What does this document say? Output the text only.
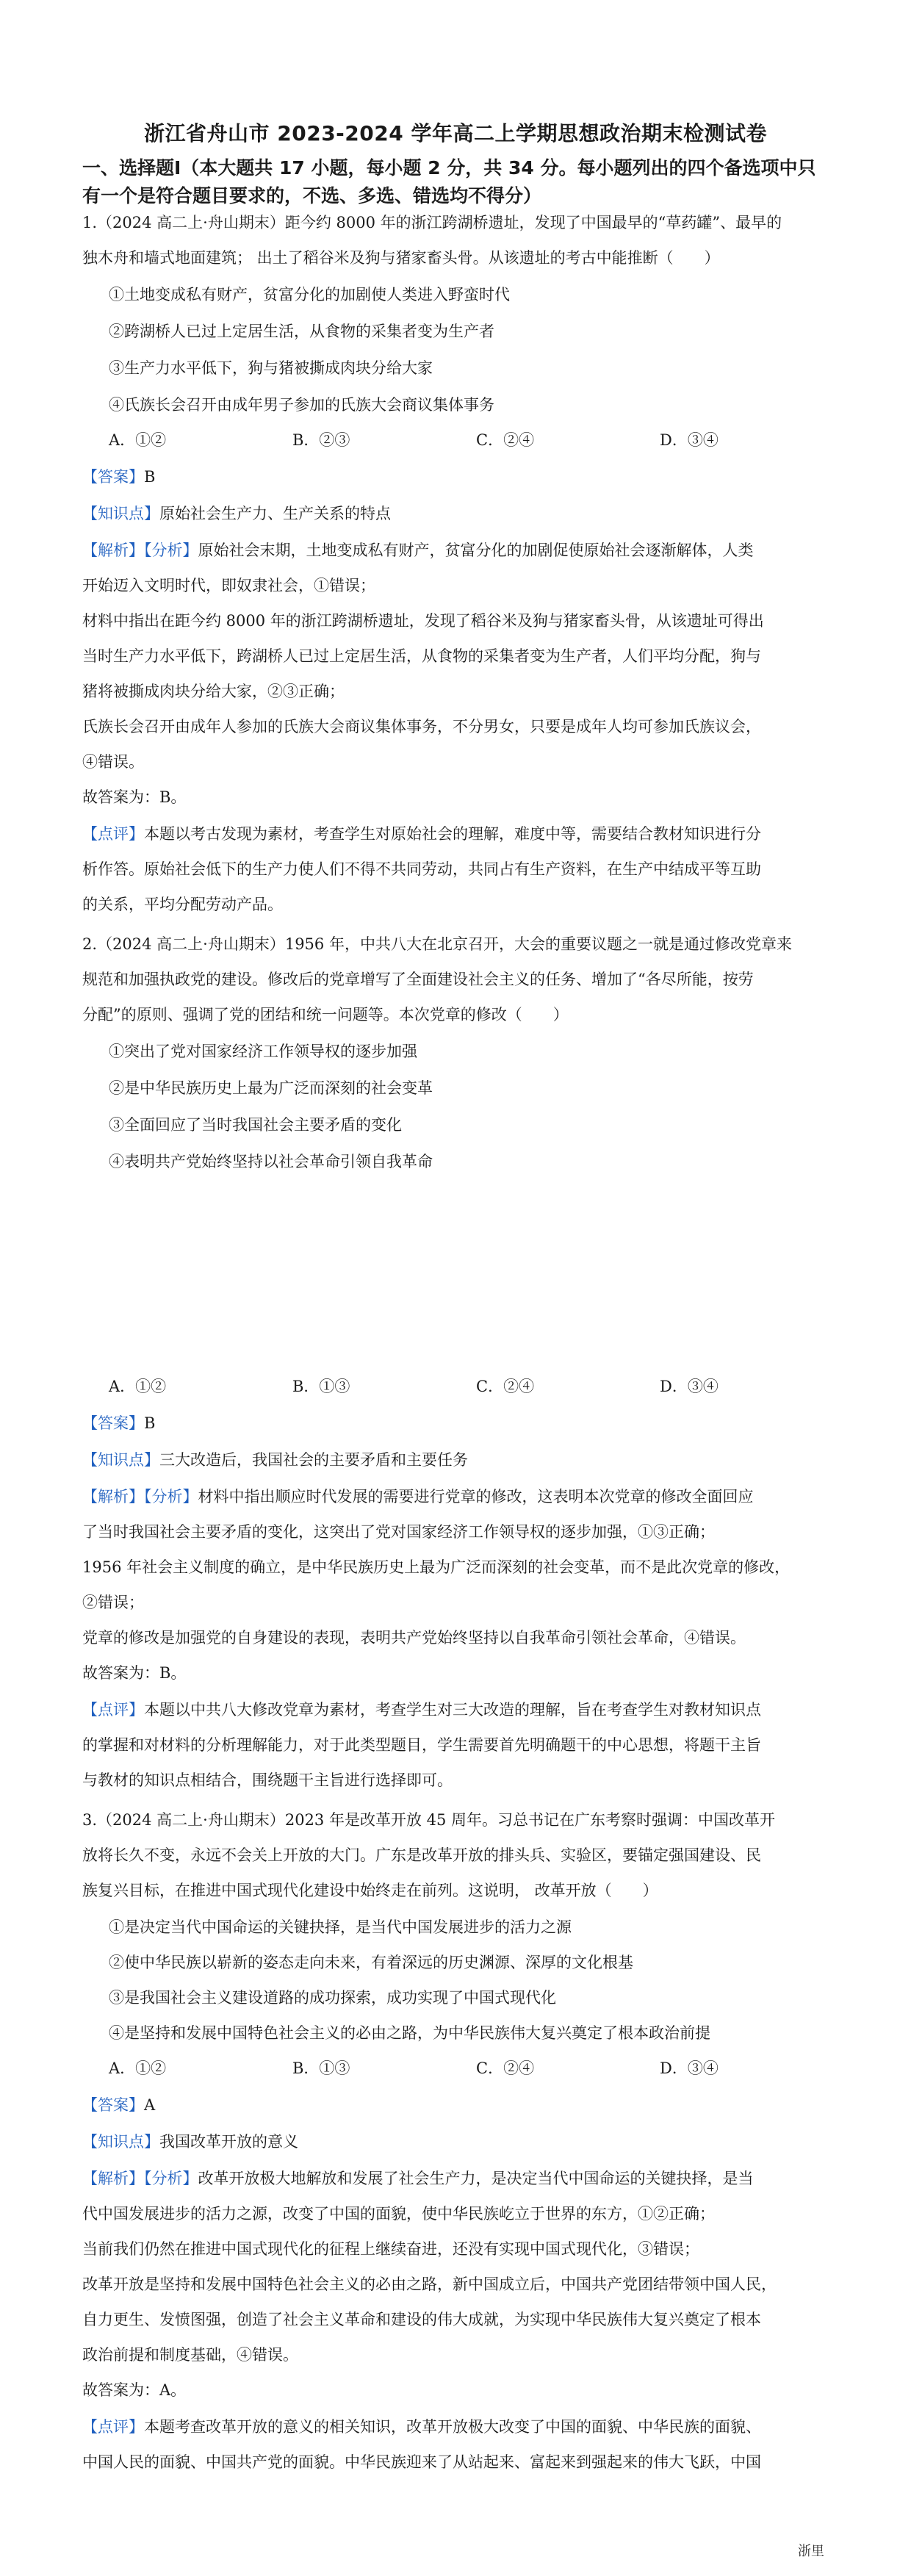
浙江省舟山市 2023-2024 学年高二上学期思想政治期末检测试卷
一、选择题Ⅰ（本大题共 17 小题，每小题 2 分，共 34 分。每小题列出的四个备选项中只有一个是符合题目要求的，不选、多选、错选均不得分）
1.（2024 高二上·舟山期末）距今约 8000 年的浙江跨湖桥遗址，发现了中国最早的“草药罐”、最早的
独木舟和墙式地面建筑； 出土了稻谷米及狗与猪家畜头骨。从该遗址的考古中能推断（　　）
①土地变成私有财产，贫富分化的加剧使人类进入野蛮时代
②跨湖桥人已过上定居生活，从食物的采集者变为生产者
③生产力水平低下，狗与猪被撕成肉块分给大家
④氏族长会召开由成年男子参加的氏族大会商议集体事务
A．①②	B．②③	C．②④	D．③④
【答案】B
【知识点】原始社会生产力、生产关系的特点
【解析】【分析】原始社会末期，土地变成私有财产，贫富分化的加剧促使原始社会逐渐解体，人类
开始迈入文明时代，即奴隶社会，①错误；
材料中指出在距今约 8000 年的浙江跨湖桥遗址，发现了稻谷米及狗与猪家畜头骨，从该遗址可得出
当时生产力水平低下，跨湖桥人已过上定居生活，从食物的采集者变为生产者，人们平均分配，狗与
猪将被撕成肉块分给大家，②③正确；
氏族长会召开由成年人参加的氏族大会商议集体事务，不分男女，只要是成年人均可参加氏族议会，
④错误。
故答案为：B。
【点评】本题以考古发现为素材，考查学生对原始社会的理解，难度中等，需要结合教材知识进行分
析作答。原始社会低下的生产力使人们不得不共同劳动，共同占有生产资料，在生产中结成平等互助
的关系，平均分配劳动产品。
2.（2024 高二上·舟山期末）1956 年，中共八大在北京召开，大会的重要议题之一就是通过修改党章来
规范和加强执政党的建设。修改后的党章增写了全面建设社会主义的任务、增加了“各尽所能，按劳
分配”的原则、强调了党的团结和统一问题等。本次党章的修改（　　）
①突出了党对国家经济工作领导权的逐步加强
②是中华民族历史上最为广泛而深刻的社会变革
③全面回应了当时我国社会主要矛盾的变化
④表明共产党始终坚持以社会革命引领自我革命
A．①②	B．①③	C．②④	D．③④
【答案】B
【知识点】三大改造后，我国社会的主要矛盾和主要任务
【解析】【分析】材料中指出顺应时代发展的需要进行党章的修改，这表明本次党章的修改全面回应
了当时我国社会主要矛盾的变化，这突出了党对国家经济工作领导权的逐步加强，①③正确；
1956 年社会主义制度的确立，是中华民族历史上最为广泛而深刻的社会变革，而不是此次党章的修改，
②错误；
党章的修改是加强党的自身建设的表现，表明共产党始终坚持以自我革命引领社会革命，④错误。
故答案为：B。
【点评】本题以中共八大修改党章为素材，考查学生对三大改造的理解，旨在考查学生对教材知识点
的掌握和对材料的分析理解能力，对于此类型题目，学生需要首先明确题干的中心思想，将题干主旨
与教材的知识点相结合，围绕题干主旨进行选择即可。
3.（2024 高二上·舟山期末）2023 年是改革开放 45 周年。习总书记在广东考察时强调：中国改革开
放将长久不变，永远不会关上开放的大门。广东是改革开放的排头兵、实验区，要锚定强国建设、民
族复兴目标，在推进中国式现代化建设中始终走在前列。这说明， 改革开放（　　）
①是决定当代中国命运的关键抉择，是当代中国发展进步的活力之源
②使中华民族以崭新的姿态走向未来，有着深远的历史渊源、深厚的文化根基
③是我国社会主义建设道路的成功探索，成功实现了中国式现代化
④是坚持和发展中国特色社会主义的必由之路，为中华民族伟大复兴奠定了根本政治前提
A．①②	B．①③	C．②④	D．③④
【答案】A
【知识点】我国改革开放的意义
【解析】【分析】改革开放极大地解放和发展了社会生产力，是决定当代中国命运的关键抉择，是当
代中国发展进步的活力之源，改变了中国的面貌，使中华民族屹立于世界的东方，①②正确；
当前我们仍然在推进中国式现代化的征程上继续奋进，还没有实现中国式现代化，③错误；
改革开放是坚持和发展中国特色社会主义的必由之路，新中国成立后，中国共产党团结带领中国人民，
自力更生、发愤图强，创造了社会主义革命和建设的伟大成就，为实现中华民族伟大复兴奠定了根本
政治前提和制度基础，④错误。
故答案为：A。
【点评】本题考查改革开放的意义的相关知识，改革开放极大改变了中国的面貌、中华民族的面貌、
中国人民的面貌、中国共产党的面貌。中华民族迎来了从站起来、富起来到强起来的伟大飞跃，中国
浙里
